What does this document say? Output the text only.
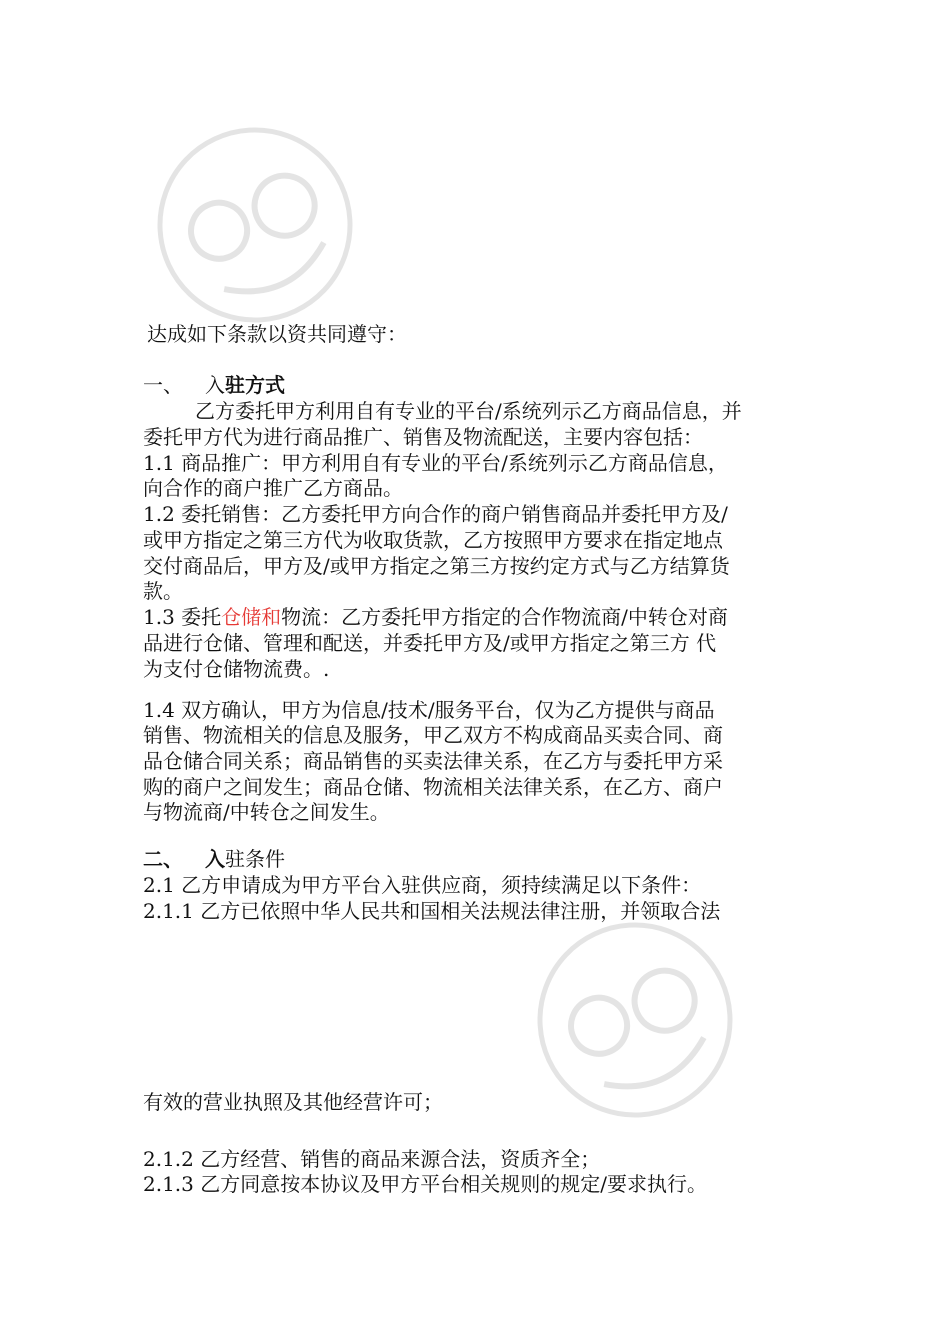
达成如下条款以资共同遵守：
一、 入驻方式
乙方委托甲方利用自有专业的平台/系统列示乙方商品信息，并
委托甲方代为进行商品推广、销售及物流配送，主要内容包括：
1.1 商品推广：甲方利用自有专业的平台/系统列示乙方商品信息，
向合作的商户推广乙方商品。
1.2 委托销售：乙方委托甲方向合作的商户销售商品并委托甲方及/
或甲方指定之第三方代为收取货款，乙方按照甲方要求在指定地点
交付商品后，甲方及/或甲方指定之第三方按约定方式与乙方结算货
款。
1.3 委托仓储和物流：乙方委托甲方指定的合作物流商/中转仓对商
品进行仓储、管理和配送，并委托甲方及/或甲方指定之第三方 代
为支付仓储物流费。.
1.4 双方确认，甲方为信息/技术/服务平台，仅为乙方提供与商品
销售、物流相关的信息及服务，甲乙双方不构成商品买卖合同、商
品仓储合同关系；商品销售的买卖法律关系，在乙方与委托甲方采
购的商户之间发生；商品仓储、物流相关法律关系，在乙方、商户
与物流商/中转仓之间发生。
二、 入驻条件
2.1 乙方申请成为甲方平台入驻供应商，须持续满足以下条件：
2.1.1 乙方已依照中华人民共和国相关法规法律注册，并领取合法
有效的营业执照及其他经营许可；
2.1.2 乙方经营、销售的商品来源合法，资质齐全；
2.1.3 乙方同意按本协议及甲方平台相关规则的规定/要求执行。
